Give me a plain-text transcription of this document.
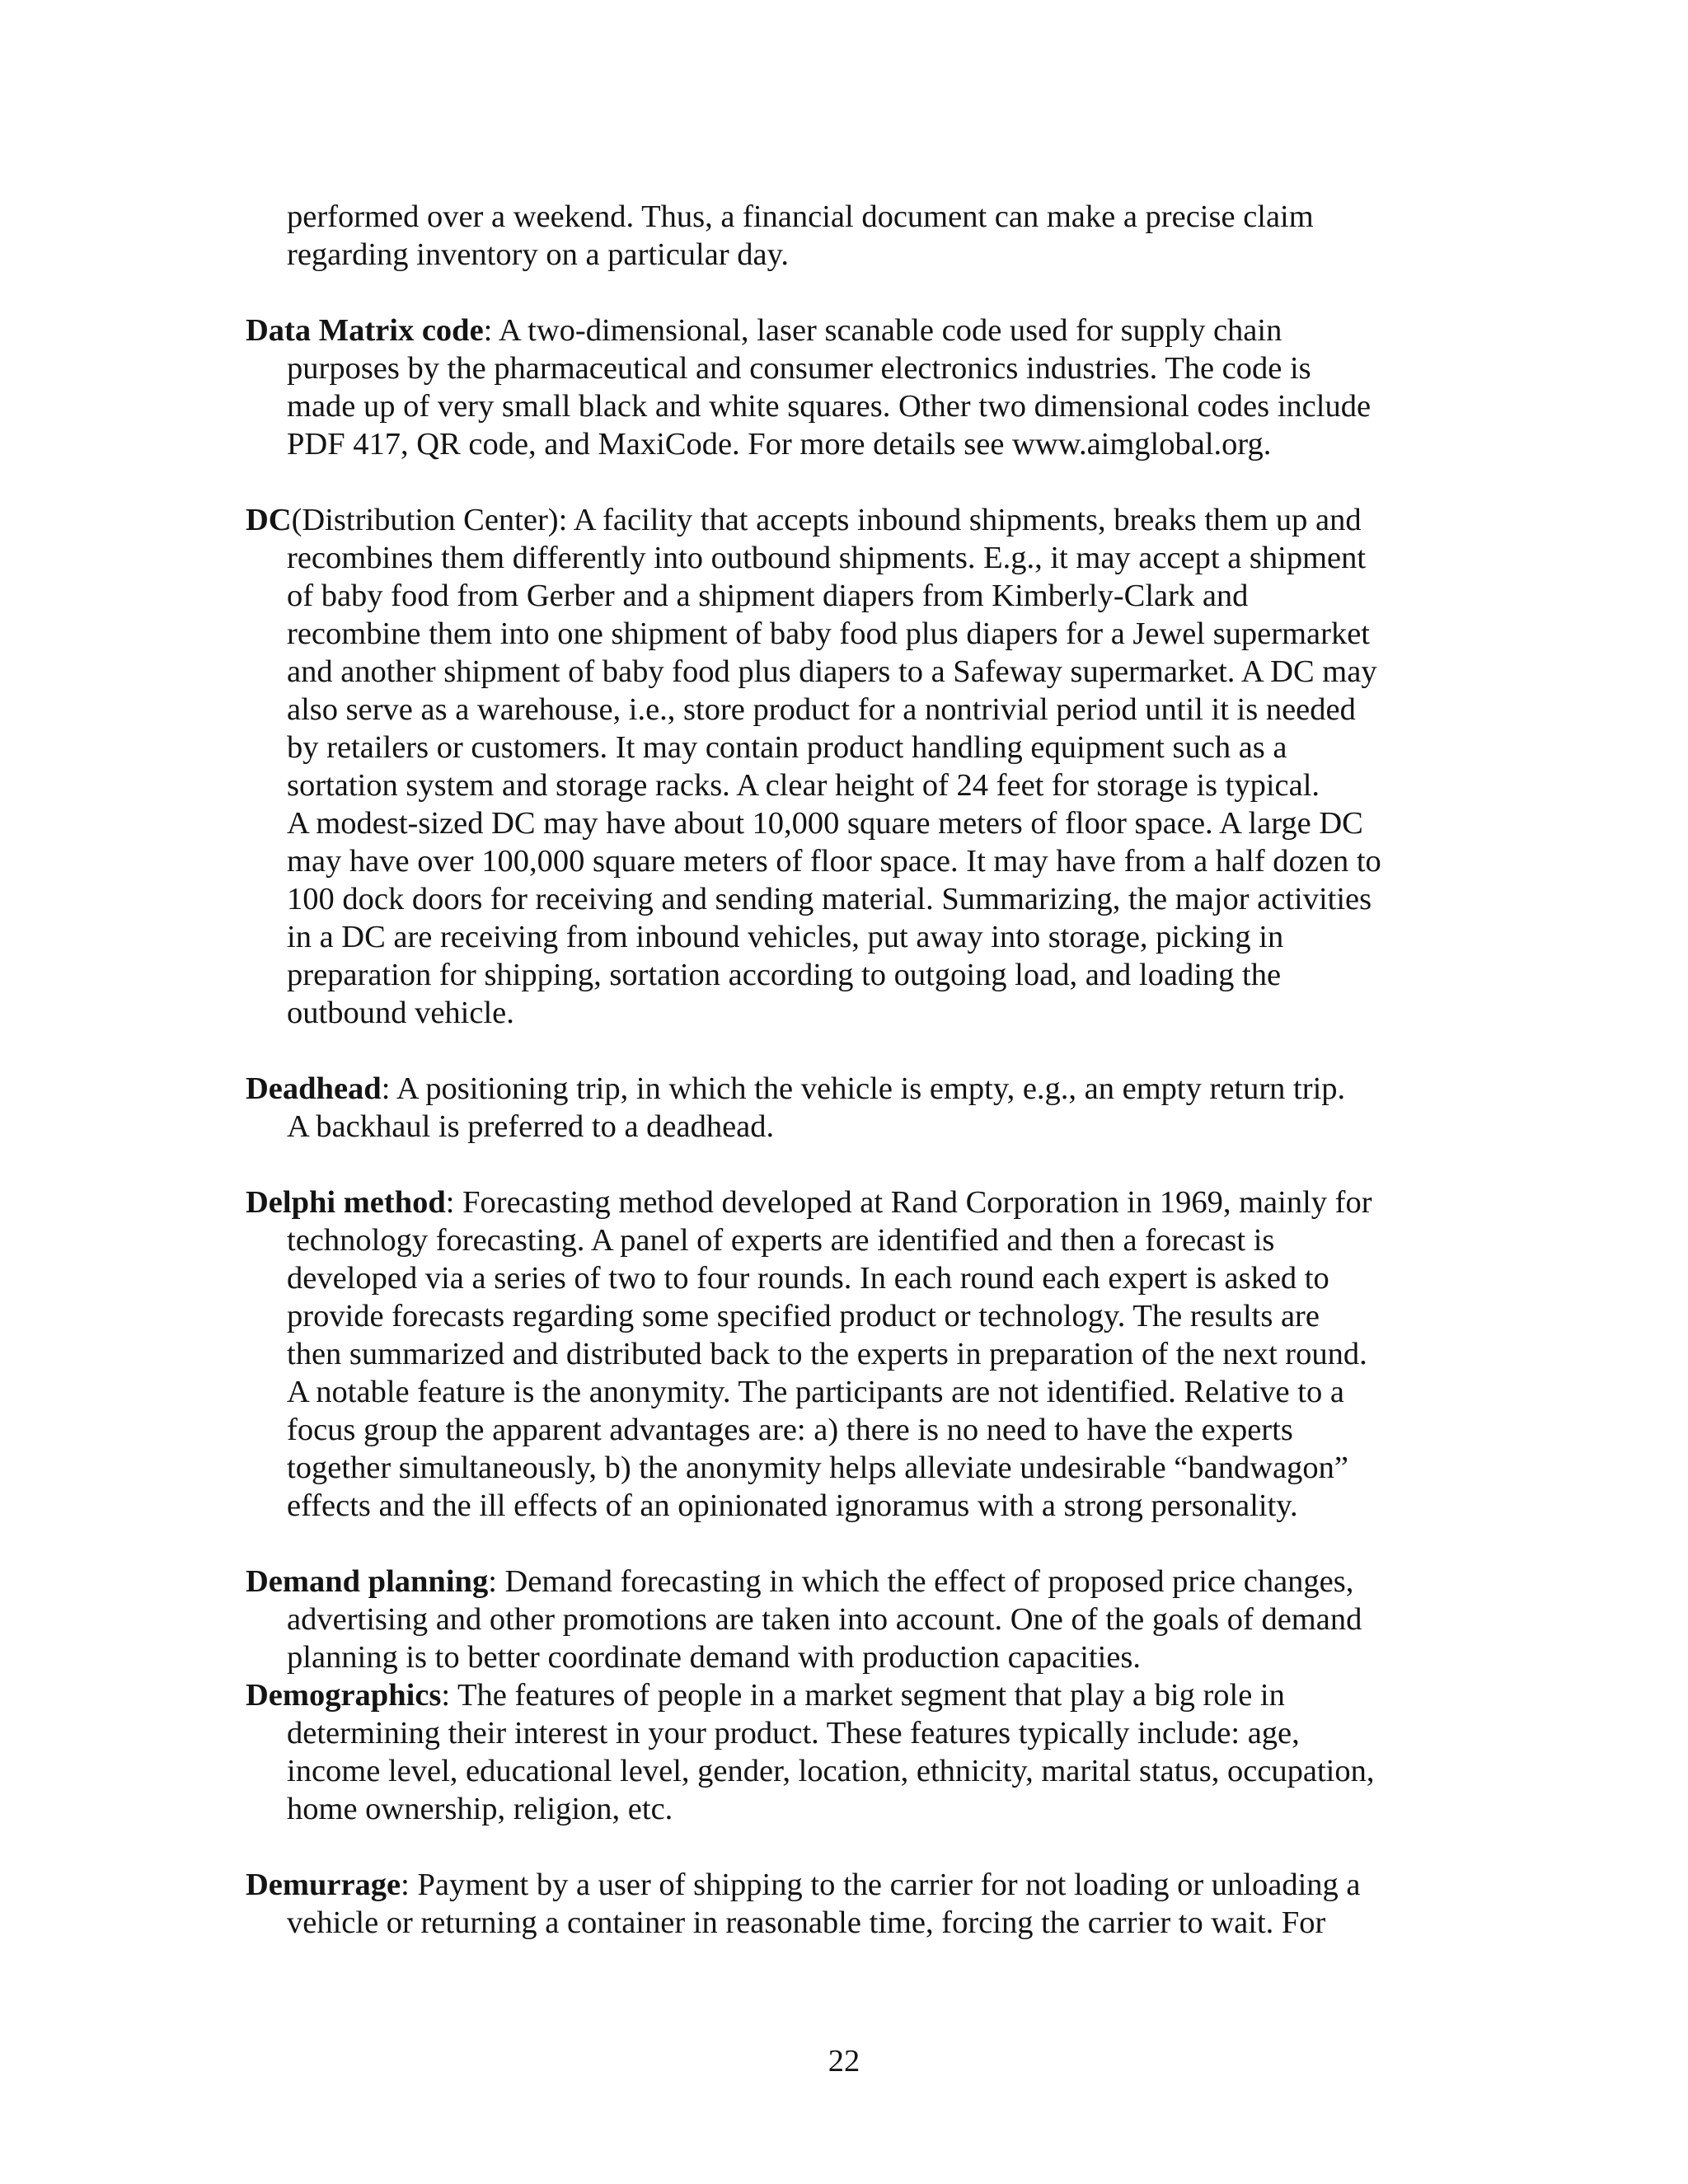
performed over a weekend. Thus, a financial document can make a precise claim
regarding inventory on a particular day.

Data Matrix code: A two-dimensional, laser scanable code used for supply chain
purposes by the pharmaceutical and consumer electronics industries. The code is
made up of very small black and white squares. Other two dimensional codes include
PDF 417, QR code, and MaxiCode. For more details see www.aimglobal.org.

DC(Distribution Center): A facility that accepts inbound shipments, breaks them up and
recombines them differently into outbound shipments. E.g., it may accept a shipment
of baby food from Gerber and a shipment diapers from Kimberly-Clark and
recombine them into one shipment of baby food plus diapers for a Jewel supermarket
and another shipment of baby food plus diapers to a Safeway supermarket. A DC may
also serve as a warehouse, i.e., store product for a nontrivial period until it is needed
by retailers or customers. It may contain product handling equipment such as a
sortation system and storage racks. A clear height of 24 feet for storage is typical.
A modest-sized DC may have about 10,000 square meters of floor space. A large DC
may have over 100,000 square meters of floor space. It may have from a half dozen to
100 dock doors for receiving and sending material. Summarizing, the major activities
in a DC are receiving from inbound vehicles, put away into storage, picking in
preparation for shipping, sortation according to outgoing load, and loading the
outbound vehicle.

Deadhead: A positioning trip, in which the vehicle is empty, e.g., an empty return trip.
A backhaul is preferred to a deadhead.

Delphi method: Forecasting method developed at Rand Corporation in 1969, mainly for
technology forecasting. A panel of experts are identified and then a forecast is
developed via a series of two to four rounds. In each round each expert is asked to
provide forecasts regarding some specified product or technology. The results are
then summarized and distributed back to the experts in preparation of the next round.
A notable feature is the anonymity. The participants are not identified. Relative to a
focus group the apparent advantages are: a) there is no need to have the experts
together simultaneously, b) the anonymity helps alleviate undesirable “bandwagon”
effects and the ill effects of an opinionated ignoramus with a strong personality.

Demand planning: Demand forecasting in which the effect of proposed price changes,
advertising and other promotions are taken into account. One of the goals of demand
planning is to better coordinate demand with production capacities.

Demographics: The features of people in a market segment that play a big role in
determining their interest in your product. These features typically include: age,
income level, educational level, gender, location, ethnicity, marital status, occupation,
home ownership, religion, etc.

Demurrage: Payment by a user of shipping to the carrier for not loading or unloading a
vehicle or returning a container in reasonable time, forcing the carrier to wait. For

22
